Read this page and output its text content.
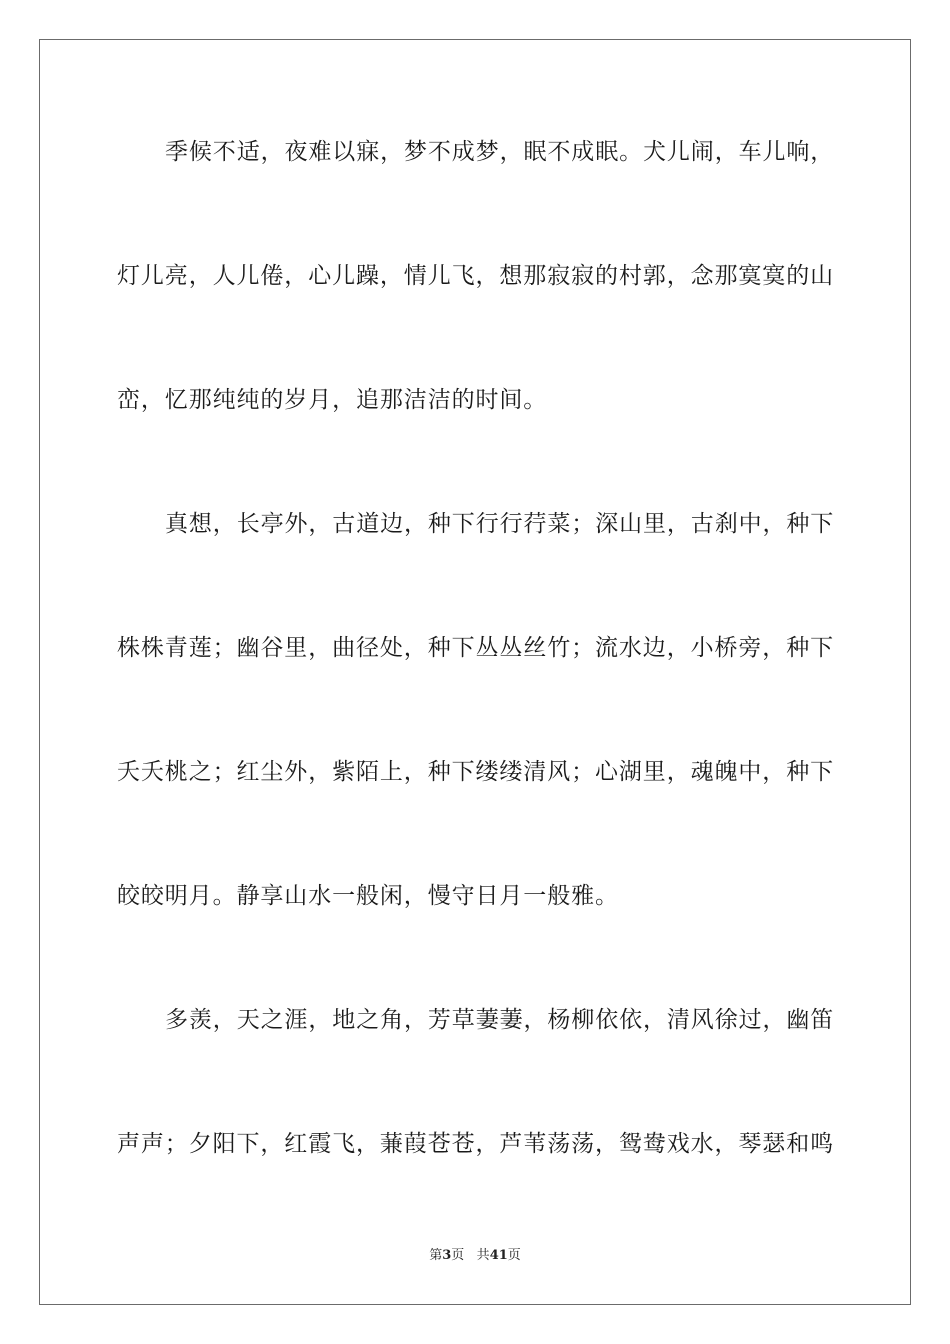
季候不适，夜难以寐，梦不成梦，眠不成眠。犬儿闹，车儿响，
灯儿亮，人儿倦，心儿躁，情儿飞，想那寂寂的村郭，念那寞寞的山
峦，忆那纯纯的岁月，追那洁洁的时间。
真想，长亭外，古道边，种下行行荇菜；深山里，古刹中，种下
株株青莲；幽谷里，曲径处，种下丛丛丝竹；流水边，小桥旁，种下
夭夭桃之；红尘外，紫陌上，种下缕缕清风；心湖里，魂魄中，种下
皎皎明月。静享山水一般闲，慢守日月一般雅。
多羡，天之涯，地之角，芳草萋萋，杨柳依依，清风徐过，幽笛
声声；夕阳下，红霞飞，蒹葭苍苍，芦苇荡荡，鸳鸯戏水，琴瑟和鸣
第3页 共41页
